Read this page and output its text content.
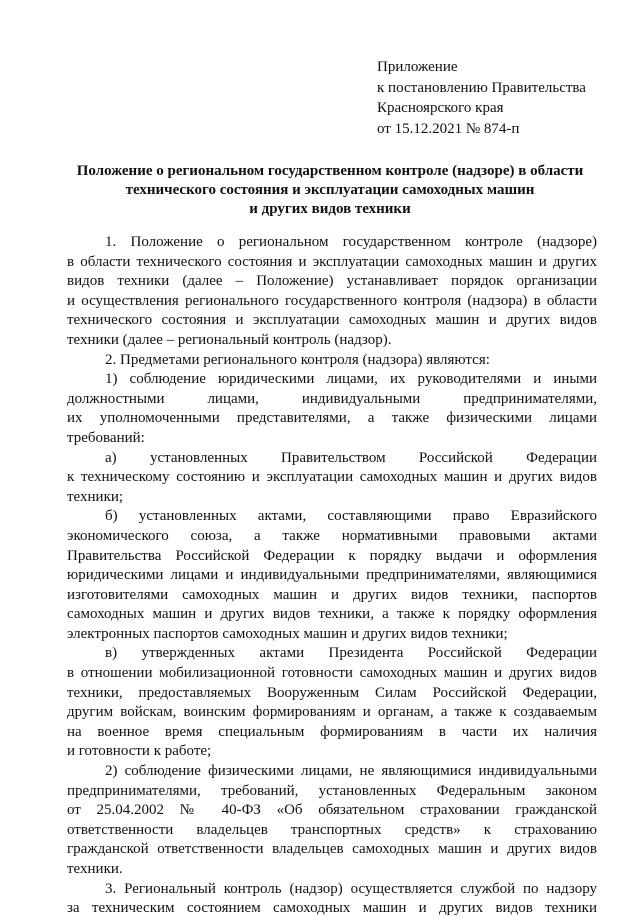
Приложение
к постановлению Правительства
Красноярского края
от 15.12.2021 № 874-п
Положение о региональном государственном контроле (надзоре) в области
технического состояния и эксплуатации самоходных машин
и других видов техники
1. Положение о региональном государственном контроле (надзоре)
в области технического состояния и эксплуатации самоходных машин и других
видов техники (далее – Положение) устанавливает порядок организации
и осуществления регионального государственного контроля (надзора) в области
технического состояния и эксплуатации самоходных машин и других видов
техники (далее – региональный контроль (надзор).
2. Предметами регионального контроля (надзора) являются:
1) соблюдение юридическими лицами, их руководителями и иными
должностными лицами, индивидуальными предпринимателями,
их уполномоченными представителями, а также физическими лицами
требований:
а) установленных Правительством Российской Федерации
к техническому состоянию и эксплуатации самоходных машин и других видов
техники;
б) установленных актами, составляющими право Евразийского
экономического союза, а также нормативными правовыми актами
Правительства Российской Федерации к порядку выдачи и оформления
юридическими лицами и индивидуальными предпринимателями, являющимися
изготовителями самоходных машин и других видов техники, паспортов
самоходных машин и других видов техники, а также к порядку оформления
электронных паспортов самоходных машин и других видов техники;
в) утвержденных актами Президента Российской Федерации
в отношении мобилизационной готовности самоходных машин и других видов
техники, предоставляемых Вооруженным Силам Российской Федерации,
другим войскам, воинским формированиям и органам, а также к создаваемым
на военное время специальным формированиям в части их наличия
и готовности к работе;
2) соблюдение физическими лицами, не являющимися индивидуальными
предпринимателями, требований, установленных Федеральным законом
от 25.04.2002 № 40-ФЗ «Об обязательном страховании гражданской
ответственности владельцев транспортных средств» к страхованию
гражданской ответственности владельцев самоходных машин и других видов
техники.
3. Региональный контроль (надзор) осуществляется службой по надзору
за техническим состоянием самоходных машин и других видов техники
